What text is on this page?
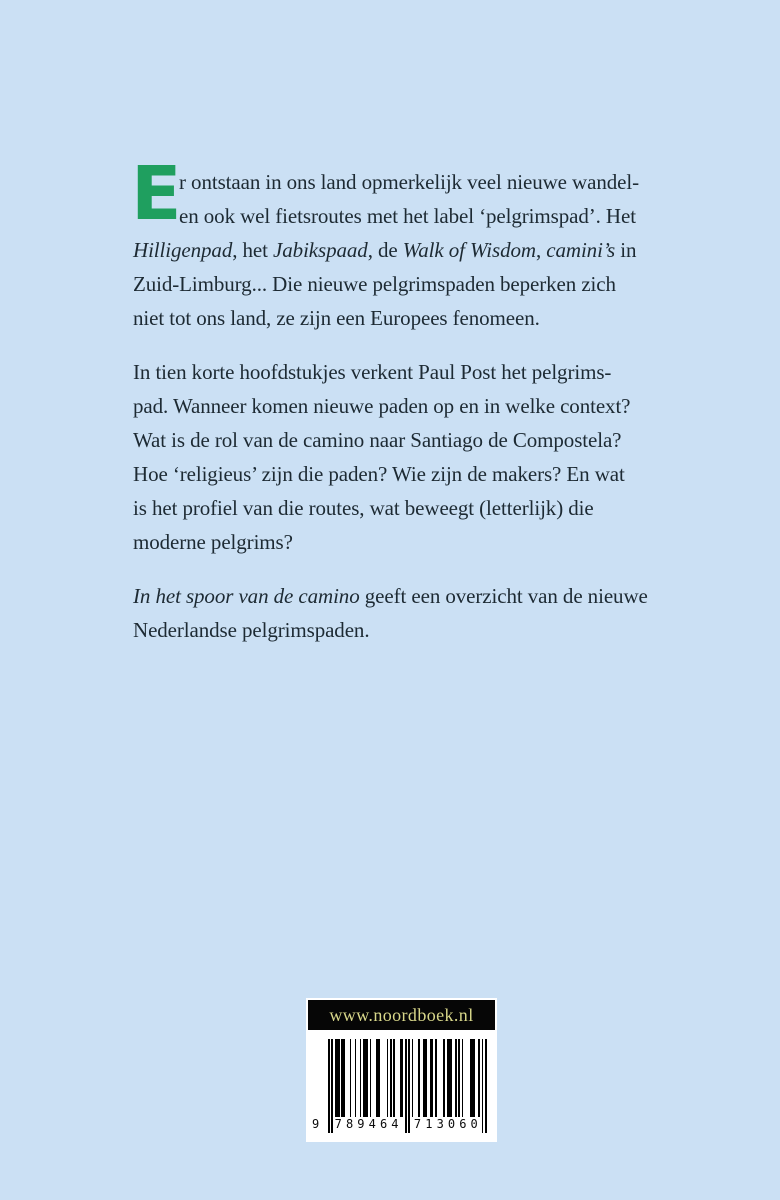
E
r ontstaan in ons land opmerkelijk veel nieuwe wandel-
en ook wel fietsroutes met het label ‘pelgrimspad’. Het
Hilligenpad, het Jabikspaad, de Walk of Wisdom, camini’s in
Zuid-Limburg... Die nieuwe pelgrimspaden beperken zich
niet tot ons land, ze zijn een Europees fenomeen.

In tien korte hoofdstukjes verkent Paul Post het pelgrims-
pad. Wanneer komen nieuwe paden op en in welke context?
Wat is de rol van de camino naar Santiago de Compostela?
Hoe ‘religieus’ zijn die paden? Wie zijn de makers? En wat
is het profiel van die routes, wat beweegt (letterlijk) die
moderne pelgrims?

In het spoor van de camino geeft een overzicht van de nieuwe
Nederlandse pelgrimspaden.

www.noordboek.nl
9 789464 713060
